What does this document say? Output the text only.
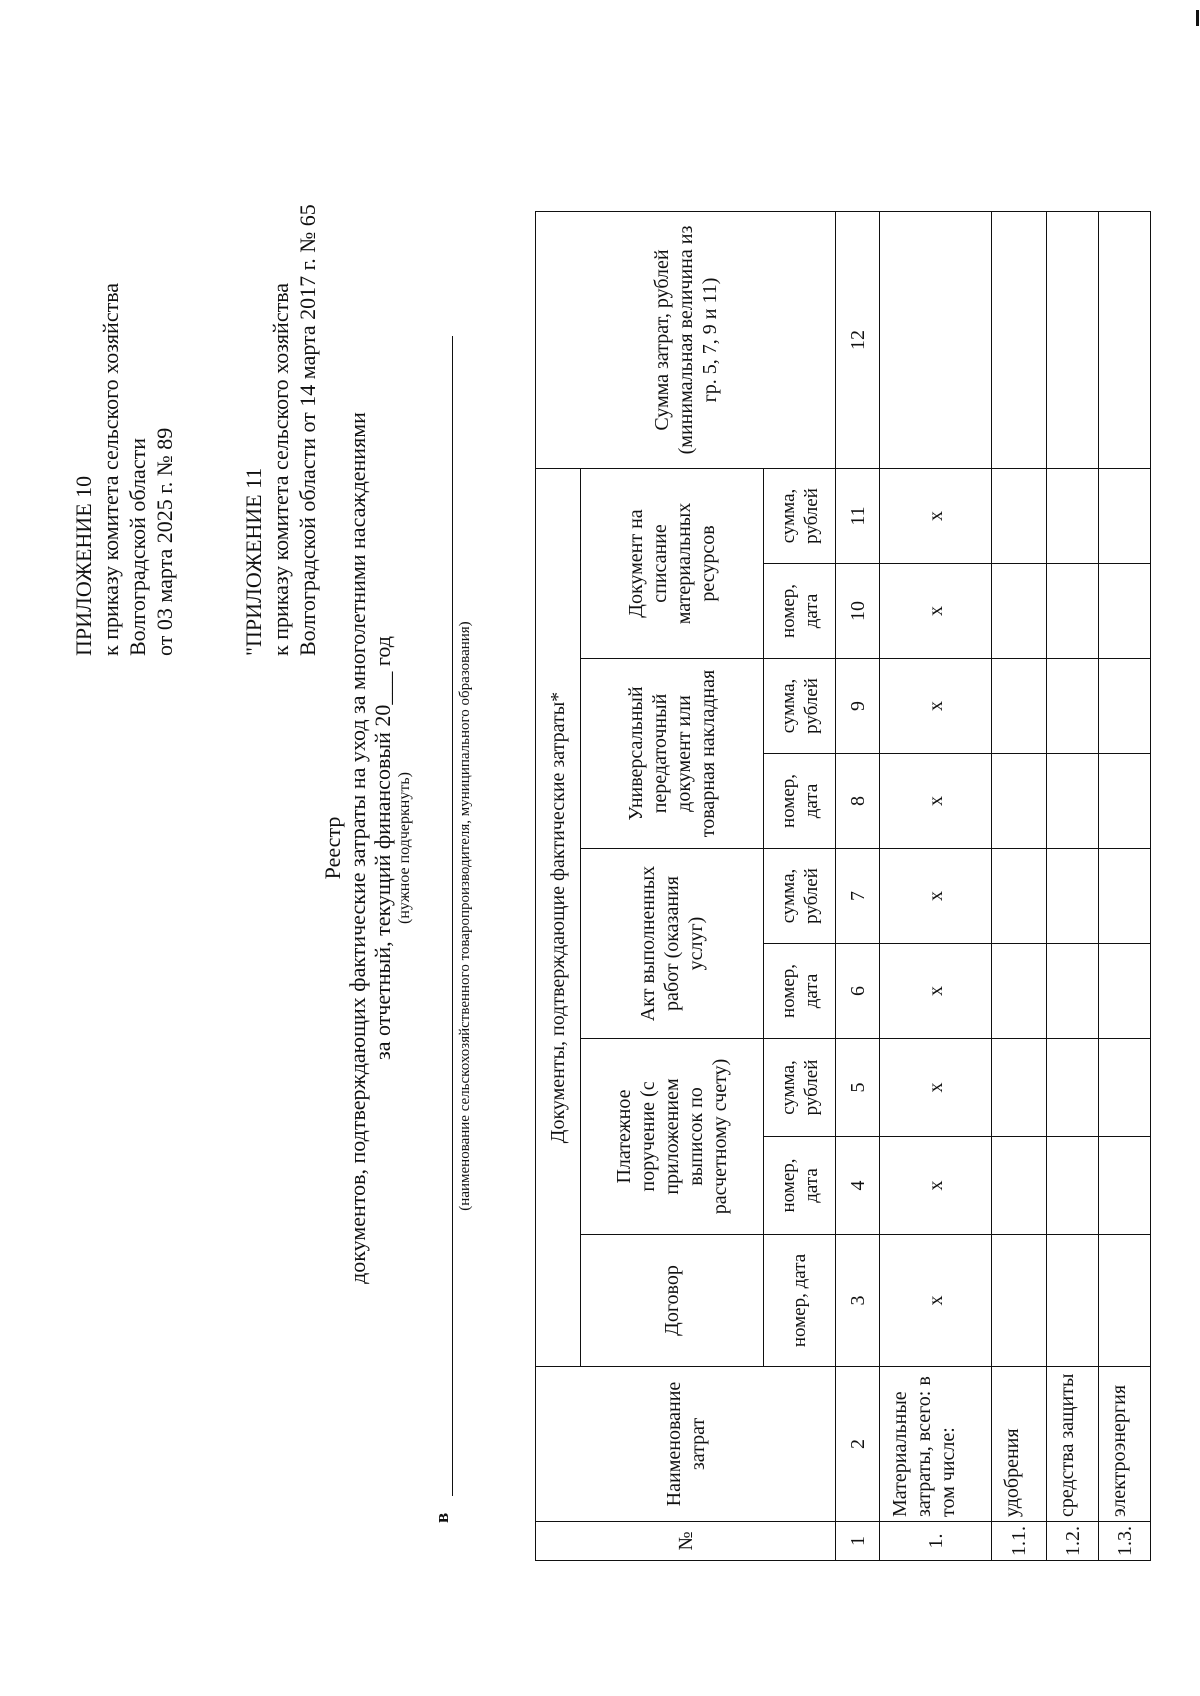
ПРИЛОЖЕНИЕ 10 к приказу комитета сельского хозяйства Волгоградской области от 03 марта 2025 г. № 89	"ПРИЛОЖЕНИЕ 11 к приказу комитета сельского хозяйства Волгоградской области от 14 марта 2017 г. № 65
Реестр документов, подтверждающих фактические затраты на уход за многолетними насаждениями за отчетный, текущий финансовый 20___ год (нужное подчеркнуть)
в
(наименование сельскохозяйственного товаропроизводителя, муниципального образования)
№	Наименование затрат	Документы, подтверждающие фактические затраты*									Сумма затрат, рублей (минимальная величина из гр. 5, 7, 9 и 11)
		Договор	Платежное поручение (с приложением выписок по расчетному счету)		Акт выполненных работ (оказания услуг)		Универсальный передаточный документ или товарная накладная		Документ на списание материальных ресурсов		
		номер, дата	номер, дата	сумма, рублей	номер, дата	сумма, рублей	номер, дата	сумма, рублей	номер, дата	сумма, рублей	
1	2	3	4	5	6	7	8	9	10	11	12
1.	Материальные затраты, всего: в том числе:	x	x	x	x	x	x	x	x	x	
1.1.	удобрения										
1.2.	средства защиты										
1.3.	электроэнергия										
